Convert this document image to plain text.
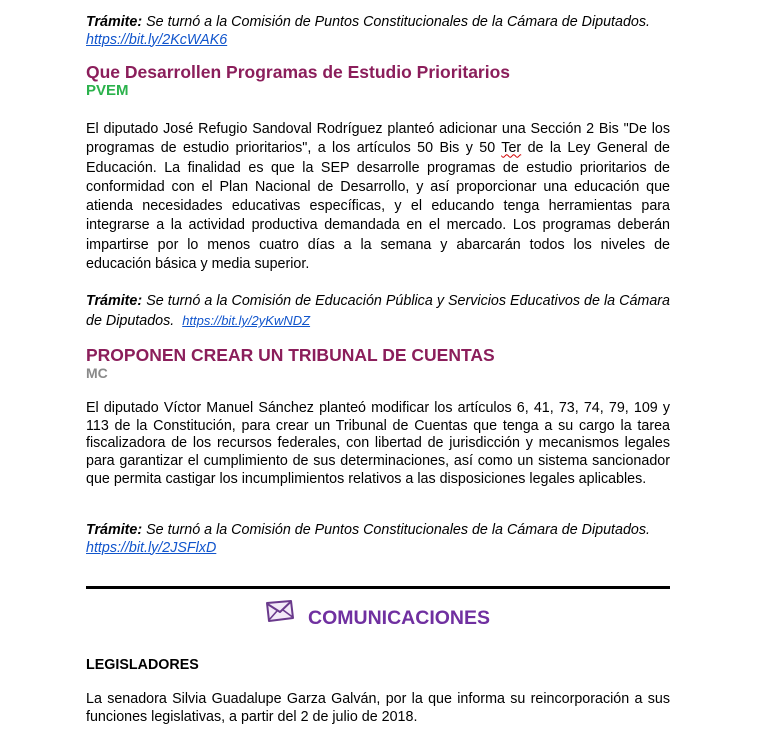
Trámite: Se turnó a la Comisión de Puntos Constitucionales de la Cámara de Diputados.

https://bit.ly/2KcWAK6
Que Desarrollen Programas de Estudio Prioritarios
PVEM

El diputado José Refugio Sandoval Rodríguez planteó adicionar una Sección 2 Bis "De los programas de estudio prioritarios", a los artículos 50 Bis y 50 Ter de la Ley General de Educación. La finalidad es que la SEP desarrolle programas de estudio prioritarios de conformidad con el Plan Nacional de Desarrollo, y así proporcionar una educación que atienda necesidades educativas específicas, y el educando tenga herramientas para integrarse a la actividad productiva demandada en el mercado. Los programas deberán impartirse por lo menos cuatro días a la semana y abarcarán todos los niveles de educación básica y media superior.

Trámite: Se turnó a la Comisión de Educación Pública y Servicios Educativos de la Cámara de Diputados. https://bit.ly/2yKwNDZ

PROPONEN CREAR UN TRIBUNAL DE CUENTAS
MC

El diputado Víctor Manuel Sánchez planteó modificar los artículos 6, 41, 73, 74, 79, 109 y 113 de la Constitución, para crear un Tribunal de Cuentas que tenga a su cargo la tarea fiscalizadora de los recursos federales, con libertad de jurisdicción y mecanismos legales para garantizar el cumplimiento de sus determinaciones, así como un sistema sancionador que permita castigar los incumplimientos relativos a las disposiciones legales aplicables.

Trámite: Se turnó a la Comisión de Puntos Constitucionales de la Cámara de Diputados.

https://bit.ly/2JSFlxD
COMUNICACIONES
LEGISLADORES

La senadora Silvia Guadalupe Garza Galván, por la que informa su reincorporación a sus funciones legislativas, a partir del 2 de julio de 2018.
